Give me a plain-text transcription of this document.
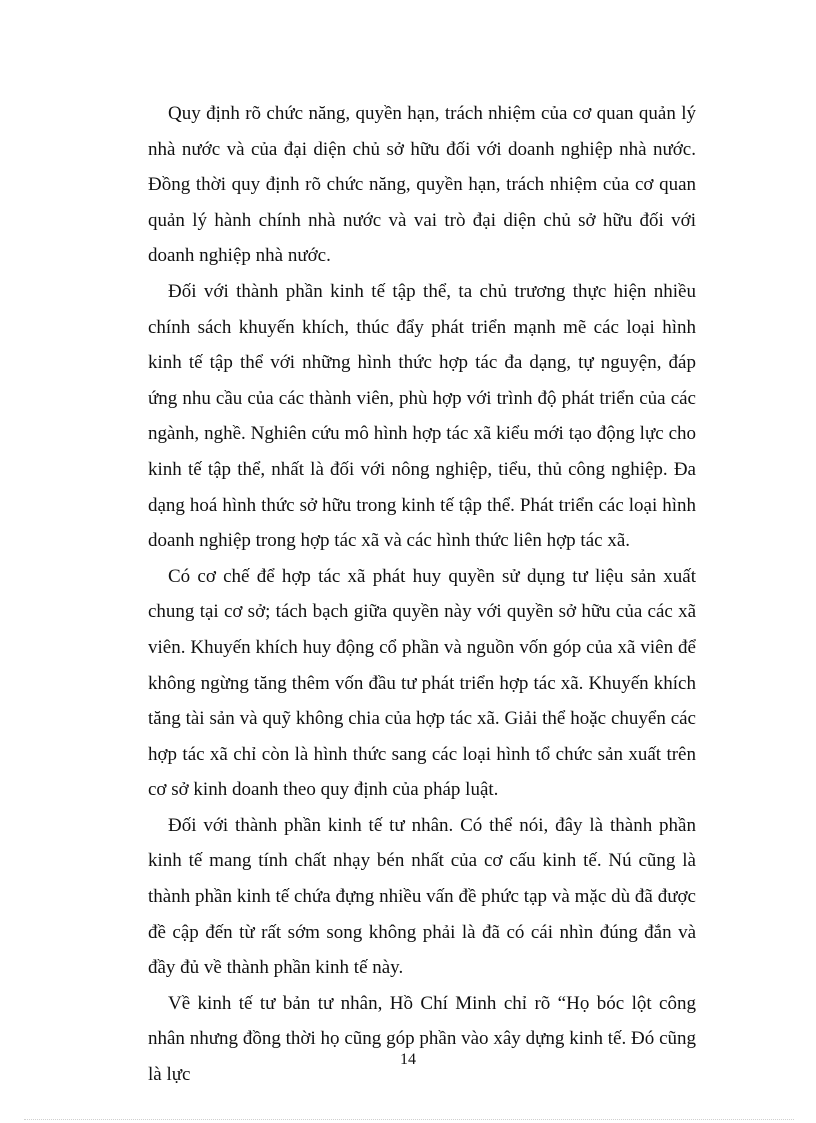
Quy định rõ chức năng, quyền hạn, trách nhiệm của cơ quan quản lý nhà nước và của đại diện chủ sở hữu đối với doanh nghiệp nhà nước. Đồng thời quy định rõ chức năng, quyền hạn, trách nhiệm của cơ quan quản lý hành chính nhà nước và vai trò đại diện chủ sở hữu đối với doanh nghiệp nhà nước.

Đối với thành phần kinh tế tập thể, ta chủ trương thực hiện nhiều chính sách khuyến khích, thúc đẩy phát triển mạnh mẽ các loại hình kinh tế tập thể với những hình thức hợp tác đa dạng, tự nguyện, đáp ứng nhu cầu của các thành viên, phù hợp với trình độ phát triển của các ngành, nghề. Nghiên cứu mô hình hợp tác xã kiểu mới tạo động lực cho kinh tế tập thể, nhất là đối với nông nghiệp, tiểu, thủ công nghiệp. Đa dạng hoá hình thức sở hữu trong kinh tế tập thể. Phát triển các loại hình doanh nghiệp trong hợp tác xã và các hình thức liên hợp tác xã.

Có cơ chế để hợp tác xã phát huy quyền sử dụng tư liệu sản xuất chung tại cơ sở; tách bạch giữa quyền này với quyền sở hữu của các xã viên. Khuyến khích huy động cổ phần và nguồn vốn góp của xã viên để không ngừng tăng thêm vốn đầu tư phát triển hợp tác xã. Khuyến khích tăng tài sản và quỹ không chia của hợp tác xã. Giải thể hoặc chuyển các hợp tác xã chỉ còn là hình thức sang các loại hình tổ chức sản xuất trên cơ sở kinh doanh theo quy định của pháp luật.

Đối với thành phần kinh tế tư nhân. Có thể nói, đây là thành phần kinh tế mang tính chất nhạy bén nhất của cơ cấu kinh tế. Nú cũng là thành phần kinh tế chứa đựng nhiều vấn đề phức tạp và mặc dù đã được đề cập đến từ rất sớm song không phải là đã có cái nhìn đúng đắn và đầy đủ về thành phần kinh tế này.

Về kinh tế tư bản tư nhân, Hồ Chí Minh chỉ rõ “Họ bóc lột công nhân nhưng đồng thời họ cũng góp phần vào xây dựng kinh tế. Đó cũng là lực

14
